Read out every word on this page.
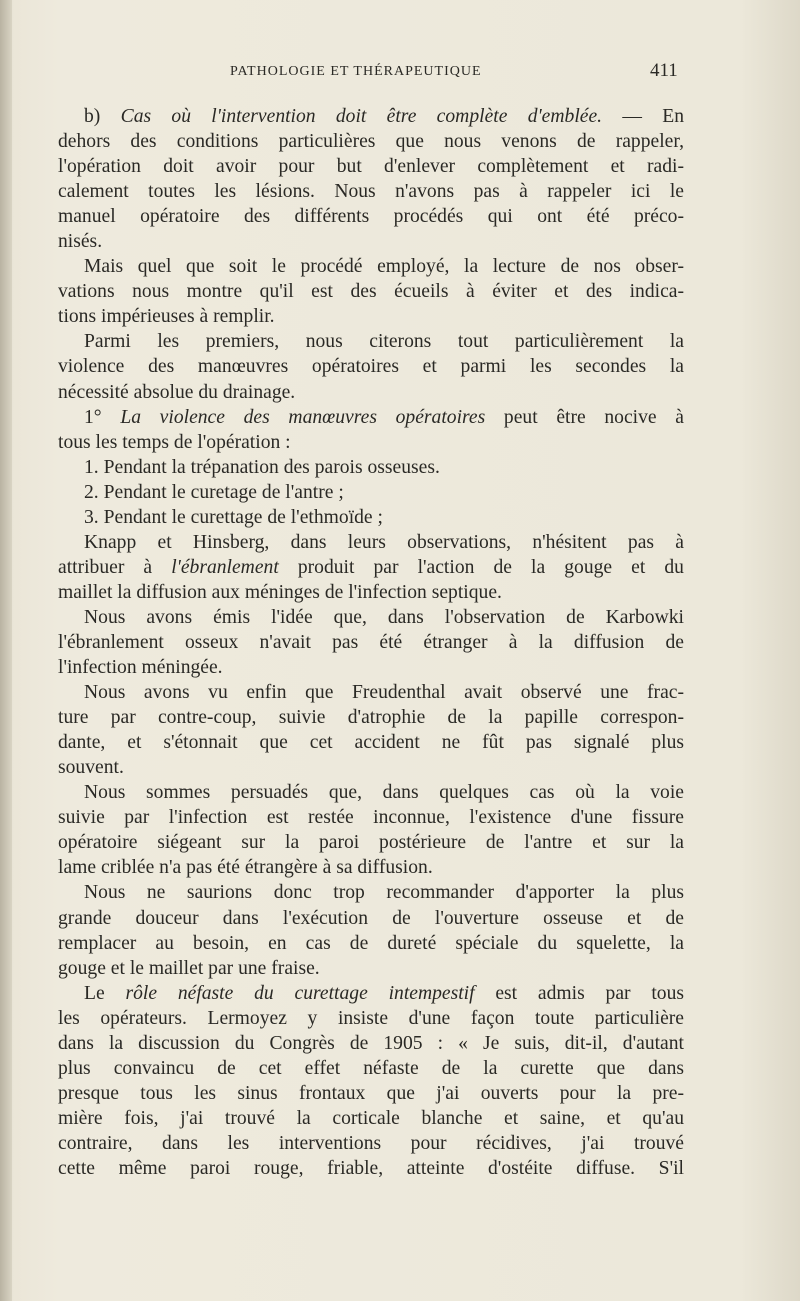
PATHOLOGIE ET THÉRAPEUTIQUE	411
b) Cas où l'intervention doit être complète d'emblée. — En
dehors des conditions particulières que nous venons de rappeler,
l'opération doit avoir pour but d'enlever complètement et radi-
calement toutes les lésions. Nous n'avons pas à rappeler ici le
manuel opératoire des différents procédés qui ont été préco-
nisés.
Mais quel que soit le procédé employé, la lecture de nos obser-
vations nous montre qu'il est des écueils à éviter et des indica-
tions impérieuses à remplir.
Parmi les premiers, nous citerons tout particulièrement la
violence des manœuvres opératoires et parmi les secondes la
nécessité absolue du drainage.
1° La violence des manœuvres opératoires peut être nocive à
tous les temps de l'opération :
1. Pendant la trépanation des parois osseuses.
2. Pendant le curetage de l'antre ;
3. Pendant le curettage de l'ethmoïde ;
Knapp et Hinsberg, dans leurs observations, n'hésitent pas à
attribuer à l'ébranlement produit par l'action de la gouge et du
maillet la diffusion aux méninges de l'infection septique.
Nous avons émis l'idée que, dans l'observation de Karbowki
l'ébranlement osseux n'avait pas été étranger à la diffusion de
l'infection méningée.
Nous avons vu enfin que Freudenthal avait observé une frac-
ture par contre-coup, suivie d'atrophie de la papille correspon-
dante, et s'étonnait que cet accident ne fût pas signalé plus
souvent.
Nous sommes persuadés que, dans quelques cas où la voie
suivie par l'infection est restée inconnue, l'existence d'une fissure
opératoire siégeant sur la paroi postérieure de l'antre et sur la
lame criblée n'a pas été étrangère à sa diffusion.
Nous ne saurions donc trop recommander d'apporter la plus
grande douceur dans l'exécution de l'ouverture osseuse et de
remplacer au besoin, en cas de dureté spéciale du squelette, la
gouge et le maillet par une fraise.
Le rôle néfaste du curettage intempestif est admis par tous
les opérateurs. Lermoyez y insiste d'une façon toute particulière
dans la discussion du Congrès de 1905 : « Je suis, dit-il, d'autant
plus convaincu de cet effet néfaste de la curette que dans
presque tous les sinus frontaux que j'ai ouverts pour la pre-
mière fois, j'ai trouvé la corticale blanche et saine, et qu'au
contraire, dans les interventions pour récidives, j'ai trouvé
cette même paroi rouge, friable, atteinte d'ostéite diffuse. S'il
